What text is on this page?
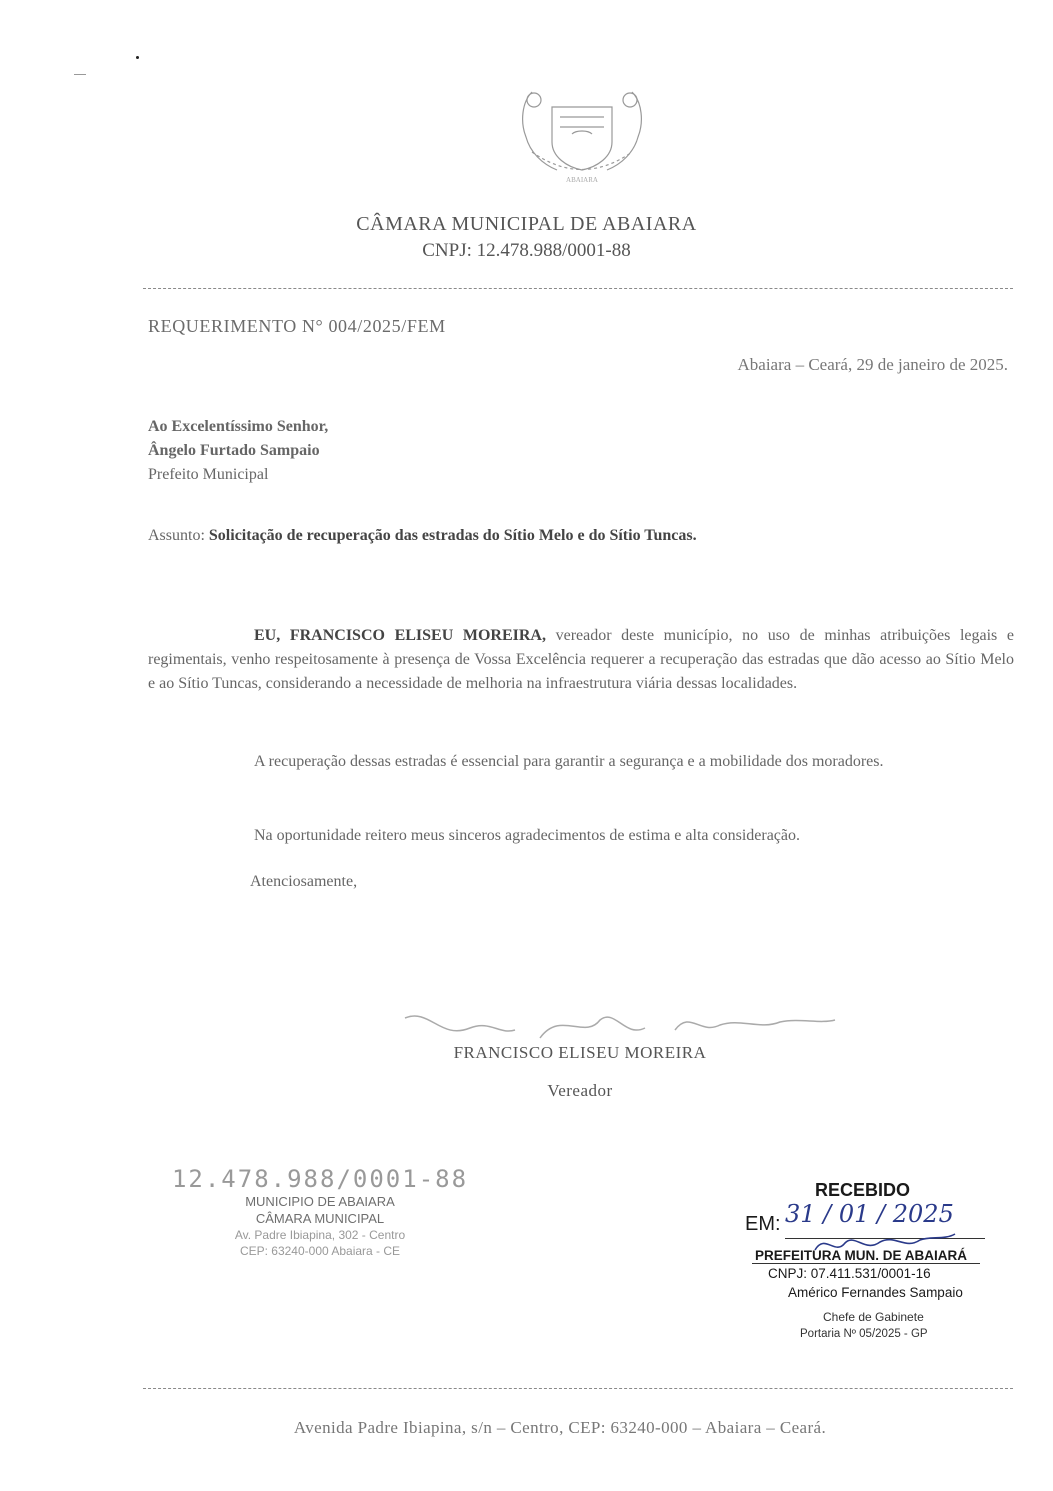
ABAIARA
CÂMARA MUNICIPAL DE ABAIARA
CNPJ: 12.478.988/0001-88
REQUERIMENTO N° 004/2025/FEM
Abaiara – Ceará, 29 de janeiro de 2025.
Ao Excelentíssimo Senhor,
Ângelo Furtado Sampaio
Prefeito Municipal
Assunto: Solicitação de recuperação das estradas do Sítio Melo e do Sítio Tuncas.
EU, FRANCISCO ELISEU MOREIRA, vereador deste município, no uso de minhas atribuições legais e regimentais, venho respeitosamente à presença de Vossa Excelência requerer a recuperação das estradas que dão acesso ao Sítio Melo e ao Sítio Tuncas, considerando a necessidade de melhoria na infraestrutura viária dessas localidades.
A recuperação dessas estradas é essencial para garantir a segurança e a mobilidade dos moradores.
Na oportunidade reitero meus sinceros agradecimentos de estima e alta consideração.
Atenciosamente,
FRANCISCO ELISEU MOREIRA
Vereador
12.478.988/0001-88
MUNICIPIO DE ABAIARA
CÂMARA MUNICIPAL
Av. Padre Ibiapina, 302 - Centro
CEP: 63240-000 Abaiara - CE
RECEBIDO
EM: 31 / 01 / 2025
PREFEITURA MUN. DE ABAIARÁ
CNPJ: 07.411.531/0001-16
Américo Fernandes Sampaio
Chefe de Gabinete
Portaria Nº 05/2025 - GP
Avenida Padre Ibiapina, s/n – Centro, CEP: 63240-000 – Abaiara – Ceará.
